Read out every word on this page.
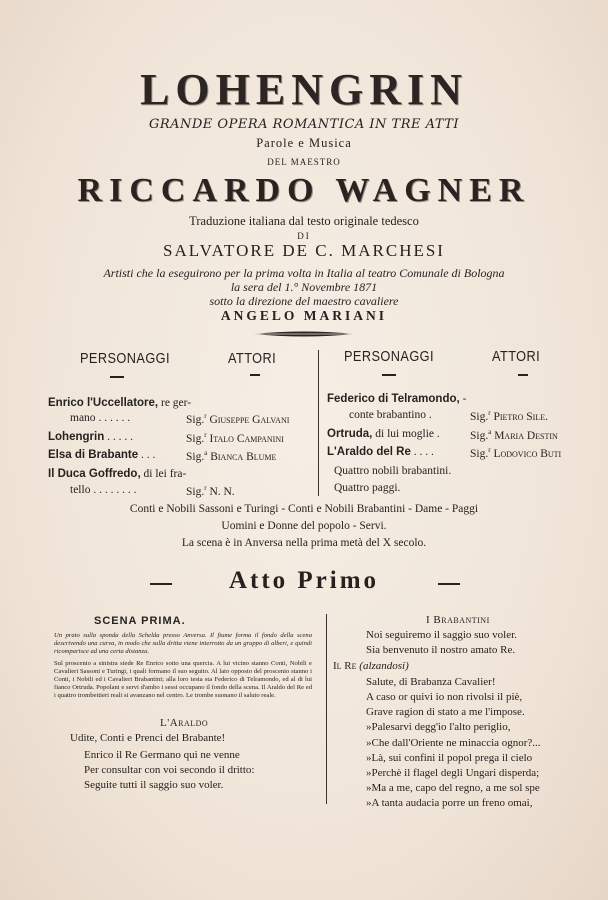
LOHENGRIN
GRANDE OPERA ROMANTICA IN TRE ATTI
Parole e Musica
DEL MAESTRO
RICCARDO WAGNER
Traduzione italiana dal testo originale tedesco
DI
SALVATORE DE C. MARCHESI
Artisti che la eseguirono per la prima volta in Italia al teatro Comunale di Bologna
la sera del 1.° Novembre 1871
sotto la direzione del maestro cavaliere
ANGELO MARIANI
PERSONAGGI	ATTORI	PERSONAGGI	ATTORI
Enrico l'Uccellatore, re ger-
mano . . . . . .	Sig.$^r$ Giuseppe Galvani
Lohengrin . . . . .	Sig.$^r$ Italo Campanini
Elsa di Brabante . . .	Sig.$^a$ Bianca Blume
Il Duca Goffredo, di lei fra-
tello . . . . . . . .	Sig.$^r$ N. N.
Federico di Telramondo, -
conte brabantino .	Sig.$^r$ Pietro Sile.
Ortruda, di lui moglie .	Sig.$^a$ Maria Destin
L'Araldo del Re . . . .	Sig.$^r$ Lodovico Buti
Quattro nobili brabantini.
Quattro paggi.
Conti e Nobili Sassoni e Turingi - Conti e Nobili Brabantini - Dame - Paggi
Uomini e Donne del popolo - Servi.
La scena è in Anversa nella prima metà del X secolo.
Atto Primo
SCENA PRIMA.
Un prato sulla sponda della Schelda presso Anversa. Il fiume forma il fondo della scena descrivendo una curva, in modo che sulla dritta viene interrotto da un gruppo di alberi, e quindi ricomparisce ad una certa distanza.
Sul proscenio a sinistra siede Re Enrico sotto una quercia. A lui vicino stanno Conti, Nobili e Cavalieri Sassoni e Turingi, i quali formano il suo seguito. Al lato opposto del proscenio stanno i Conti, i Nobili ed i Cavalieri Brabantini; alla loro testa sta Federico di Telramondo, ed al di lui fianco Ortruda. Popolani e servi d'ambo i sessi occupano il fondo della scena. Il Araldo del Re ed i quattro trombettieri reali si avanzano nel centro. Le trombe suonano il saluto reale.
L'Araldo
Udite, Conti e Prenci del Brabante!
Enrico il Re Germano qui ne venne
Per consultar con voi secondo il dritto:
Seguite tutti il saggio suo voler.
I Brabantini
Noi seguiremo il saggio suo voler.
Sia benvenuto il nostro amato Re.
Il Re (alzandosi)
Salute, di Brabanza Cavalier!
A caso or quivi io non rivolsi il piè,
Grave ragion di stato a me l'impose.
»Palesarvi degg'io l'alto periglio,
»Che dall'Oriente ne minaccia ognor?...
»Là, sui confini il popol prega il cielo
»Perchè il flagel degli Ungari disperda;
»Ma a me, capo del regno, a me sol spe
»A tanta audacia porre un freno omai,
